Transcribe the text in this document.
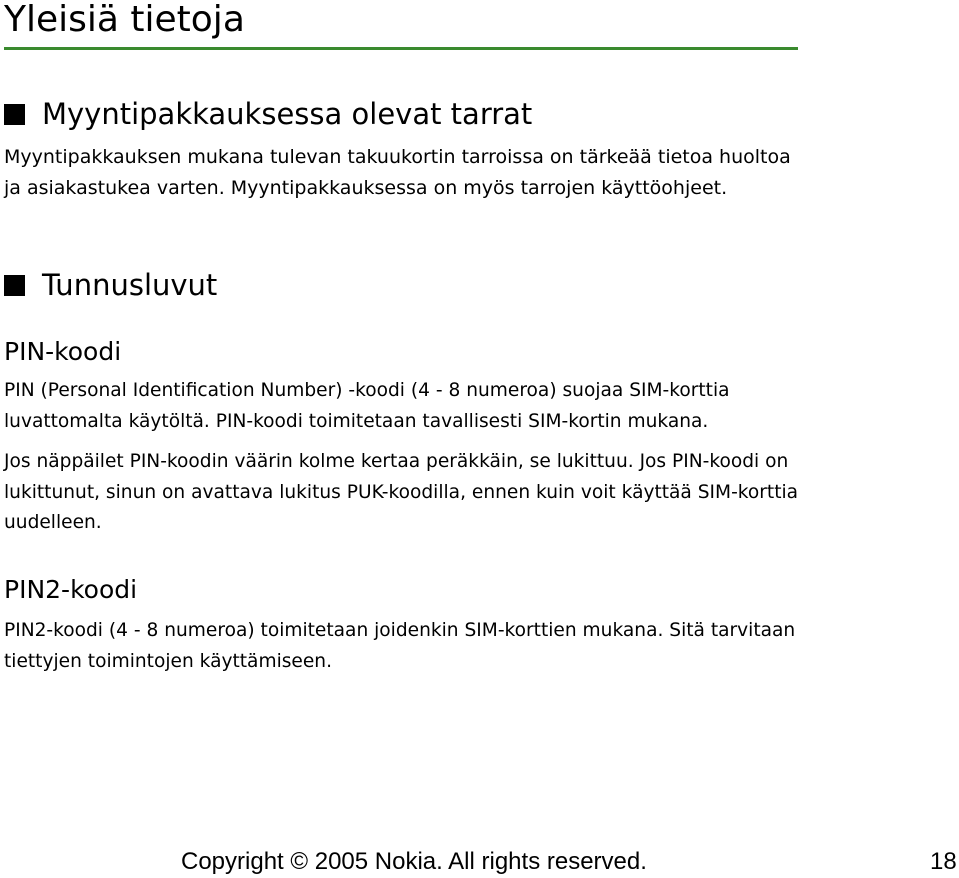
Yleisiä tietoja
Myyntipakkauksessa olevat tarrat

Myyntipakkauksen mukana tulevan takuukortin tarroissa on tärkeää tietoa huoltoa ja asiakastukea varten. Myyntipakkauksessa on myös tarrojen käyttöohjeet.

Tunnusluvut
PIN-koodi

PIN (Personal Identification Number) -koodi (4 - 8 numeroa) suojaa SIM-korttia luvattomalta käytöltä. PIN-koodi toimitetaan tavallisesti SIM-kortin mukana.

Jos näppäilet PIN-koodin väärin kolme kertaa peräkkäin, se lukittuu. Jos PIN-koodi on lukittunut, sinun on avattava lukitus PUK-koodilla, ennen kuin voit käyttää SIM-korttia uudelleen.

PIN2-koodi

PIN2-koodi (4 - 8 numeroa) toimitetaan joidenkin SIM-korttien mukana. Sitä tarvitaan tiettyjen toimintojen käyttämiseen.

Copyright © 2005 Nokia. All rights reserved.	18
